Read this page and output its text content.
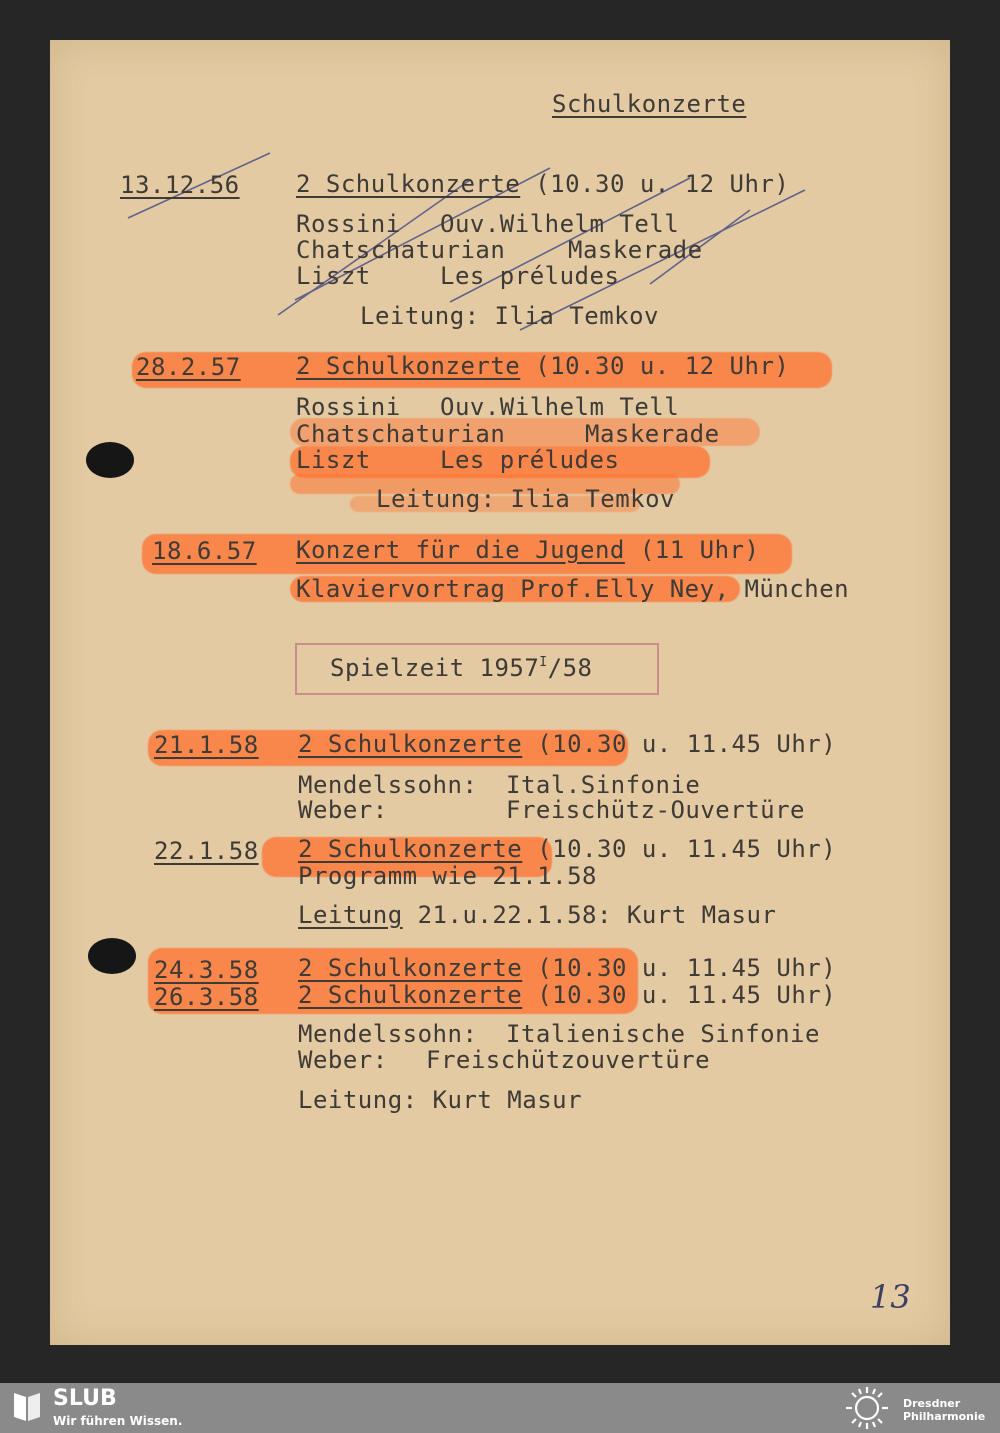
Schulkonzerte
13.12.56 2 Schulkonzerte (10.30 u. 12 Uhr)
Rossini Ouv.Wilhelm Tell
Chatschaturian	Maskerade
Liszt	Les préludes
Leitung: Ilia Temkov
28.2.57 2 Schulkonzerte (10.30 u. 12 Uhr)
Rossini Ouv.Wilhelm Tell
Chatschaturian	Maskerade
Liszt	Les préludes
Leitung: Ilia Temkov
18.6.57 Konzert für die Jugend (11 Uhr)
Klaviervortrag Prof.Elly Ney, München
Spielzeit $1957^I/58$
21.1.58 2 Schulkonzerte (10.30 u. 11.45 Uhr)
Mendelssohn: Ital.Sinfonie
Weber:	Freischütz-Ouvertüre
22.1.58 2 Schulkonzerte (10.30 u. 11.45 Uhr)
Programm wie 21.1.58
Leitung 21.u.22.1.58: Kurt Masur
24.3.58 2 Schulkonzerte (10.30 u. 11.45 Uhr)
26.3.58 2 Schulkonzerte (10.30 u. 11.45 Uhr)
Mendelssohn: Italienische Sinfonie
Weber: Freischützouvertüre
Leitung: Kurt Masur
13
SLUB
Wir führen Wissen.
Dresdner
Philharmonie
